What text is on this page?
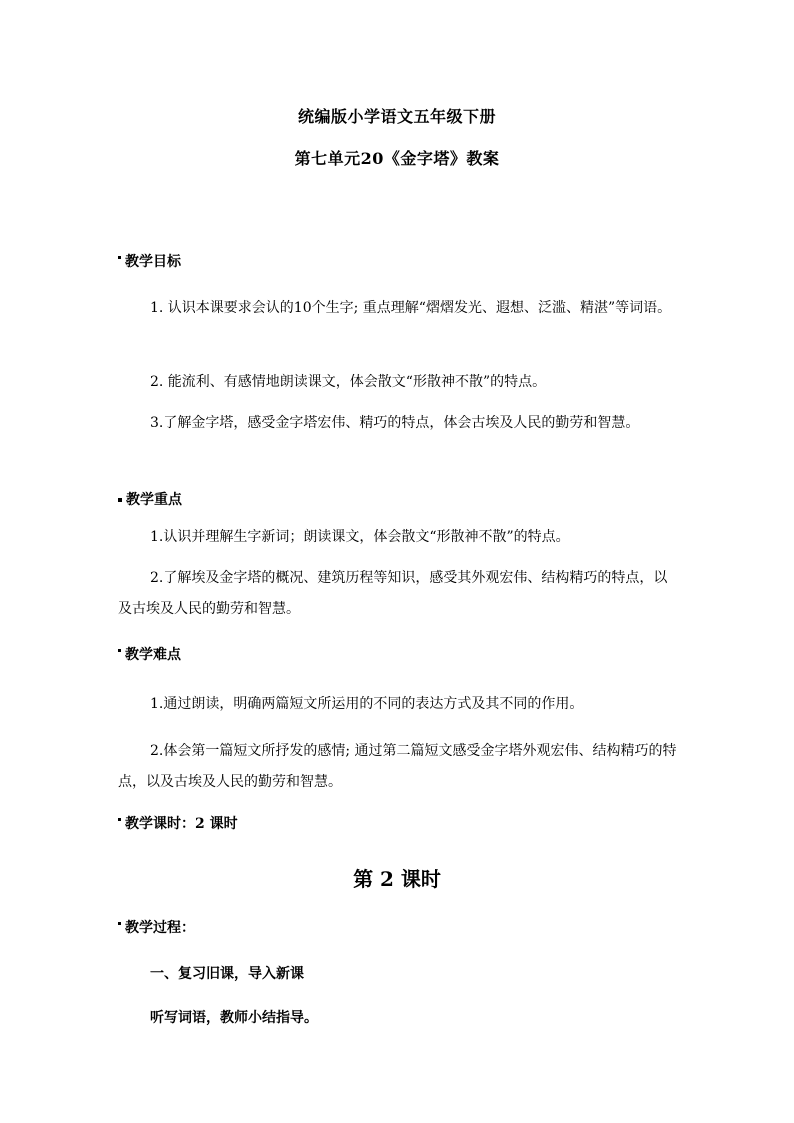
统编版小学语文五年级下册
第七单元20《金字塔》教案
教学目标
1. 认识本课要求会认的10个生字; 重点理解“熠熠发光、遐想、泛滥、精湛”等词语。
2. 能流利、有感情地朗读课文，体会散文“形散神不散”的特点。
3.了解金字塔，感受金字塔宏伟、精巧的特点，体会古埃及人民的勤劳和智慧。
教学重点
1.认识并理解生字新词；朗读课文，体会散文“形散神不散”的特点。
2.了解埃及金字塔的概况、建筑历程等知识，感受其外观宏伟、结构精巧的特点，以及古埃及人民的勤劳和智慧。
教学难点
1.通过朗读，明确两篇短文所运用的不同的表达方式及其不同的作用。
2.体会第一篇短文所抒发的感情; 通过第二篇短文感受金字塔外观宏伟、结构精巧的特点，以及古埃及人民的勤劳和智慧。
教学课时：2 课时
第 2 课时
教学过程：
一、复习旧课，导入新课
听写词语，教师小结指导。
